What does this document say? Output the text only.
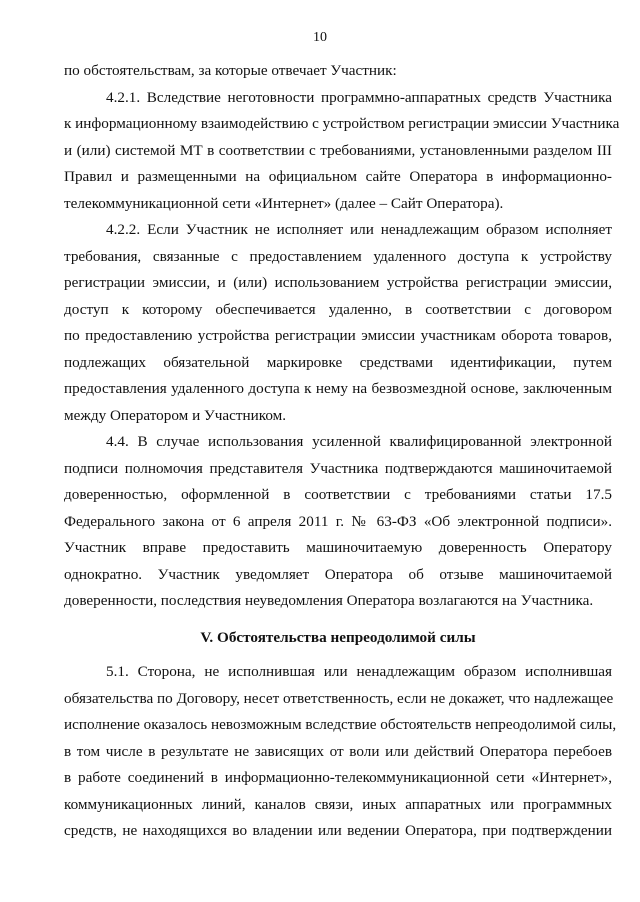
10
по обстоятельствам, за которые отвечает Участник:
4.2.1. Вследствие неготовности программно-аппаратных средств Участника
к информационному взаимодействию с устройством регистрации эмиссии Участника
и (или) системой МТ в соответствии с требованиями, установленными разделом III
Правил и размещенными на официальном сайте Оператора в информационно-
телекоммуникационной сети «Интернет» (далее – Сайт Оператора).
4.2.2. Если Участник не исполняет или ненадлежащим образом исполняет
требования, связанные с предоставлением удаленного доступа к устройству
регистрации эмиссии, и (или) использованием устройства регистрации эмиссии,
доступ к которому обеспечивается удаленно, в соответствии с договором
по предоставлению устройства регистрации эмиссии участникам оборота товаров,
подлежащих обязательной маркировке средствами идентификации, путем
предоставления удаленного доступа к нему на безвозмездной основе, заключенным
между Оператором и Участником.
4.4. В случае использования усиленной квалифицированной электронной
подписи полномочия представителя Участника подтверждаются машиночитаемой
доверенностью, оформленной в соответствии с требованиями статьи 17.5
Федерального закона от 6 апреля 2011 г. № 63-ФЗ «Об электронной подписи».
Участник вправе предоставить машиночитаемую доверенность Оператору
однократно. Участник уведомляет Оператора об отзыве машиночитаемой
доверенности, последствия неуведомления Оператора возлагаются на Участника.
V. Обстоятельства непреодолимой силы
5.1. Сторона, не исполнившая или ненадлежащим образом исполнившая
обязательства по Договору, несет ответственность, если не докажет, что надлежащее
исполнение оказалось невозможным вследствие обстоятельств непреодолимой силы,
в том числе в результате не зависящих от воли или действий Оператора перебоев
в работе соединений в информационно-телекоммуникационной сети «Интернет»,
коммуникационных линий, каналов связи, иных аппаратных или программных
средств, не находящихся во владении или ведении Оператора, при подтверждении
